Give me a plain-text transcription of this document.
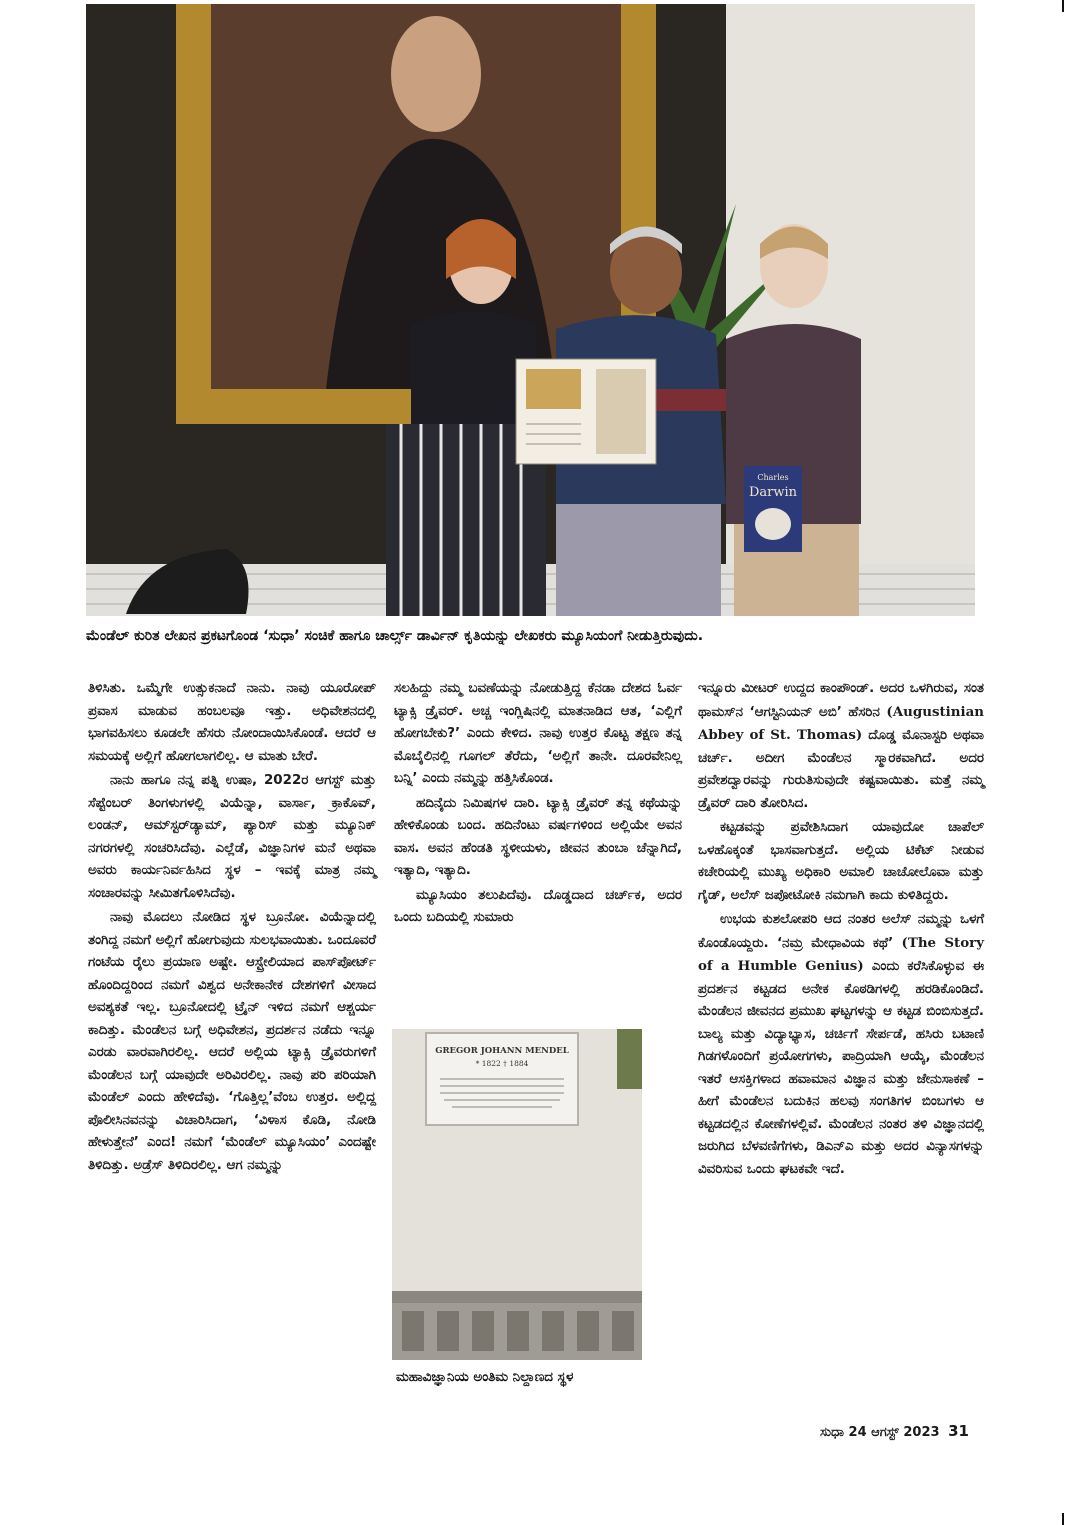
Charles
Darwin
ಮೆಂಡೆಲ್ ಕುರಿತ ಲೇಖನ ಪ್ರಕಟಗೊಂಡ ‘ಸುಧಾ’ ಸಂಚಿಕೆ ಹಾಗೂ ಚಾರ್ಲ್ಸ್ ಡಾರ್ವಿನ್ ಕೃತಿಯನ್ನು ಲೇಖಕರು ಮ್ಯೂಸಿಯಂಗೆ ನೀಡುತ್ತಿರುವುದು.

ತಿಳಿಸಿತು. ಒಮ್ಮೆಗೇ ಉತ್ಸುಕನಾದೆ ನಾನು. ನಾವು ಯೂರೋಪ್ ಪ್ರವಾಸ ಮಾಡುವ ಹಂಬಲವೂ ಇತ್ತು. ಅಧಿವೇಶನದಲ್ಲಿ ಭಾಗವಹಿಸಲು ಕೂಡಲೇ ಹೆಸರು ನೋಂದಾಯಿಸಿಕೊಂಡೆ. ಆದರೆ ಆ ಸಮಯಕ್ಕೆ ಅಲ್ಲಿಗೆ ಹೋಗಲಾಗಲಿಲ್ಲ. ಆ ಮಾತು ಬೇರೆ.

ನಾನು ಹಾಗೂ ನನ್ನ ಪತ್ನಿ ಉಷಾ, 2022ರ ಆಗಸ್ಟ್ ಮತ್ತು ಸೆಪ್ಟೆಂಬರ್ ತಿಂಗಳುಗಳಲ್ಲಿ ವಿಯೆನ್ನಾ, ವಾರ್ಸಾ, ಕ್ರಾಕೊವ್, ಲಂಡನ್, ಆಮ್‌ಸ್ಟರ್‌ಡ್ಯಾಮ್, ಪ್ಯಾರಿಸ್ ಮತ್ತು ಮ್ಯೂನಿಕ್ ನಗರಗಳಲ್ಲಿ ಸಂಚರಿಸಿದೆವು. ಎಲ್ಲೆಡೆ, ವಿಜ್ಞಾನಿಗಳ ಮನೆ ಅಥವಾ ಅವರು ಕಾರ್ಯನಿರ್ವಹಿಸಿದ ಸ್ಥಳ – ಇವಕ್ಕೆ ಮಾತ್ರ ನಮ್ಮ ಸಂಚಾರವನ್ನು ಸೀಮಿತಗೊಳಿಸಿದೆವು.

ನಾವು ಮೊದಲು ನೋಡಿದ ಸ್ಥಳ ಬ್ರೂನೋ. ವಿಯೆನ್ನಾದಲ್ಲಿ ತಂಗಿದ್ದ ನಮಗೆ ಅಲ್ಲಿಗೆ ಹೋಗುವುದು ಸುಲಭವಾಯಿತು. ಒಂದೂವರೆ ಗಂಟೆಯ ರೈಲು ಪ್ರಯಾಣ ಅಷ್ಟೇ. ಆಸ್ಟ್ರೇಲಿಯಾದ ಪಾಸ್‌ಪೋರ್ಟ್ ಹೊಂದಿದ್ದರಿಂದ ನಮಗೆ ವಿಶ್ವದ ಅನೇಕಾನೇಕ ದೇಶಗಳಿಗೆ ವೀಸಾದ ಅವಶ್ಯಕತೆ ಇಲ್ಲ. ಬ್ರೂನೋದಲ್ಲಿ ಟ್ರೈನ್ ಇಳಿದ ನಮಗೆ ಆಶ್ಚರ್ಯ ಕಾದಿತ್ತು. ಮೆಂಡೆಲನ ಬಗ್ಗೆ ಅಧಿವೇಶನ, ಪ್ರದರ್ಶನ ನಡೆದು ಇನ್ನೂ ಎರಡು ವಾರವಾಗಿರಲಿಲ್ಲ. ಆದರೆ ಅಲ್ಲಿಯ ಟ್ಯಾಕ್ಸಿ ಡ್ರೈವರುಗಳಿಗೆ ಮೆಂಡೆಲನ ಬಗ್ಗೆ ಯಾವುದೇ ಅರಿವಿರಲಿಲ್ಲ. ನಾವು ಪರಿ ಪರಿಯಾಗಿ ಮೆಂಡೆಲ್ ಎಂದು ಹೇಳಿದೆವು. ‘ಗೊತ್ತಿಲ್ಲ’ವೆಂಬ ಉತ್ತರ. ಅಲ್ಲಿದ್ದ ಪೊಲೀಸಿನವನನ್ನು ವಿಚಾರಿಸಿದಾಗ, ‘ವಿಳಾಸ ಕೊಡಿ, ನೋಡಿ ಹೇಳುತ್ತೇನೆ’ ಎಂದ! ನಮಗೆ ‘ಮೆಂಡೆಲ್ ಮ್ಯೂಸಿಯಂ’ ಎಂದಷ್ಟೇ ತಿಳಿದಿತ್ತು. ಅಡ್ರೆಸ್ ತಿಳಿದಿರಲಿಲ್ಲ. ಆಗ ನಮ್ಮನ್ನು

ಸಲಹಿದ್ದು ನಮ್ಮ ಬವಣೆಯನ್ನು ನೋಡುತ್ತಿದ್ದ ಕೆನಡಾ ದೇಶದ ಓರ್ವ ಟ್ಯಾಕ್ಸಿ ಡ್ರೈವರ್. ಅಚ್ಚ ಇಂಗ್ಲಿಷಿನಲ್ಲಿ ಮಾತನಾಡಿದ ಆತ, ‘ಎಲ್ಲಿಗೆ ಹೋಗಬೇಕು?’ ಎಂದು ಕೇಳಿದ. ನಾವು ಉತ್ತರ ಕೊಟ್ಟ ತಕ್ಷಣ ತನ್ನ ಮೊಬೈಲಿನಲ್ಲಿ ಗೂಗಲ್ ತೆರೆದು, ‘ಅಲ್ಲಿಗೆ ತಾನೇ. ದೂರವೇನಿಲ್ಲ ಬನ್ನಿ’ ಎಂದು ನಮ್ಮನ್ನು ಹತ್ತಿಸಿಕೊಂಡ.

ಹದಿನೈದು ನಿಮಿಷಗಳ ದಾರಿ. ಟ್ಯಾಕ್ಸಿ ಡ್ರೈವರ್ ತನ್ನ ಕಥೆಯನ್ನು ಹೇಳಿಕೊಂಡು ಬಂದ. ಹದಿನೆಂಟು ವರ್ಷಗಳಿಂದ ಅಲ್ಲಿಯೇ ಅವನ ವಾಸ. ಅವನ ಹೆಂಡತಿ ಸ್ಥಳೀಯಳು, ಜೀವನ ತುಂಬಾ ಚೆನ್ನಾಗಿದೆ, ಇತ್ಯಾದಿ, ಇತ್ಯಾದಿ.

ಮ್ಯೂಸಿಯಂ ತಲುಪಿದೆವು. ದೊಡ್ಡದಾದ ಚರ್ಚ್‌ಕ, ಅದರ ಒಂದು ಬದಿಯಲ್ಲಿ ಸುಮಾರು

GREGOR JOHANN MENDEL
* 1822 † 1884
ಮಹಾವಿಜ್ಞಾನಿಯ ಅಂತಿಮ ನಿಲ್ದಾಣದ ಸ್ಥಳ

ಇನ್ನೂರು ಮೀಟರ್ ಉದ್ದದ ಕಾಂಪೌಂಡ್. ಅದರ ಒಳಗಿರುವ, ಸಂತ ಥಾಮಸ್‌ನ ‘ಆಗಸ್ಟಿನಿಯನ್ ಅಬಿ’ ಹೆಸರಿನ (Augustinian Abbey of St. Thomas) ದೊಡ್ಡ ಮೊನಾಸ್ಟರಿ ಅಥವಾ ಚರ್ಚ್. ಅದೀಗ ಮೆಂಡೆಲನ ಸ್ಮಾರಕವಾಗಿದೆ. ಅದರ ಪ್ರವೇಶದ್ವಾರವನ್ನು ಗುರುತಿಸುವುದೇ ಕಷ್ಟವಾಯಿತು. ಮತ್ತೆ ನಮ್ಮ ಡ್ರೈವರ್ ದಾರಿ ತೋರಿಸಿದ.

ಕಟ್ಟಡವನ್ನು ಪ್ರವೇಶಿಸಿದಾಗ ಯಾವುದೋ ಚಾಪೆಲ್ ಒಳಹೊಕ್ಕಂತೆ ಭಾಸವಾಗುತ್ತದೆ. ಅಲ್ಲಿಯ ಟಿಕೆಟ್ ನೀಡುವ ಕಚೇರಿಯಲ್ಲಿ ಮುಖ್ಯ ಅಧಿಕಾರಿ ಅಮಾಲಿ ಚಾಚೋಲೊವಾ ಮತ್ತು ಗೈಡ್, ಅಲೆಸ್ ಜಪೋಟೋಕಿ ನಮಗಾಗಿ ಕಾದು ಕುಳಿತಿದ್ದರು.

ಉಭಯ ಕುಶಲೋಪರಿ ಆದ ನಂತರ ಅಲೆಸ್ ನಮ್ಮನ್ನು ಒಳಗೆ ಕೊಂಡೊಯ್ದರು. ‘ನಮ್ರ ಮೇಧಾವಿಯ ಕಥೆ’ (The Story of a Humble Genius) ಎಂದು ಕರೆಸಿಕೊಳ್ಳುವ ಈ ಪ್ರದರ್ಶನ ಕಟ್ಟಡದ ಅನೇಕ ಕೊಠಡಿಗಳಲ್ಲಿ ಹರಡಿಕೊಂಡಿದೆ. ಮೆಂಡೆಲನ ಜೀವನದ ಪ್ರಮುಖ ಘಟ್ಟಗಳನ್ನು ಆ ಕಟ್ಟಡ ಬಿಂಬಿಸುತ್ತದೆ. ಬಾಲ್ಯ ಮತ್ತು ವಿದ್ಯಾಭ್ಯಾಸ, ಚರ್ಚಿಗೆ ಸೇರ್ಪಡೆ, ಹಸಿರು ಬಟಾಣಿ ಗಿಡಗಳೊಂದಿಗೆ ಪ್ರಯೋಗಗಳು, ಪಾದ್ರಿಯಾಗಿ ಆಯ್ಕೆ, ಮೆಂಡೆಲನ ಇತರೆ ಆಸಕ್ತಿಗಳಾದ ಹವಾಮಾನ ವಿಜ್ಞಾನ ಮತ್ತು ಜೇನುಸಾಕಣೆ – ಹೀಗೆ ಮೆಂಡೆಲನ ಬದುಕಿನ ಹಲವು ಸಂಗತಿಗಳ ಬಿಂಬಗಳು ಆ ಕಟ್ಟಡದಲ್ಲಿನ ಕೋಣೆಗಳಲ್ಲಿವೆ. ಮೆಂಡೆಲನ ನಂತರ ತಳಿ ವಿಜ್ಞಾನದಲ್ಲಿ ಜರುಗಿದ ಬೆಳವಣಿಗೆಗಳು, ಡಿಎನ್ಎ ಮತ್ತು ಅದರ ವಿನ್ಯಾಸಗಳನ್ನು ವಿವರಿಸುವ ಒಂದು ಘಟಕವೇ ಇದೆ.

ಸುಧಾ 24 ಆಗಸ್ಟ್ 2023 31
